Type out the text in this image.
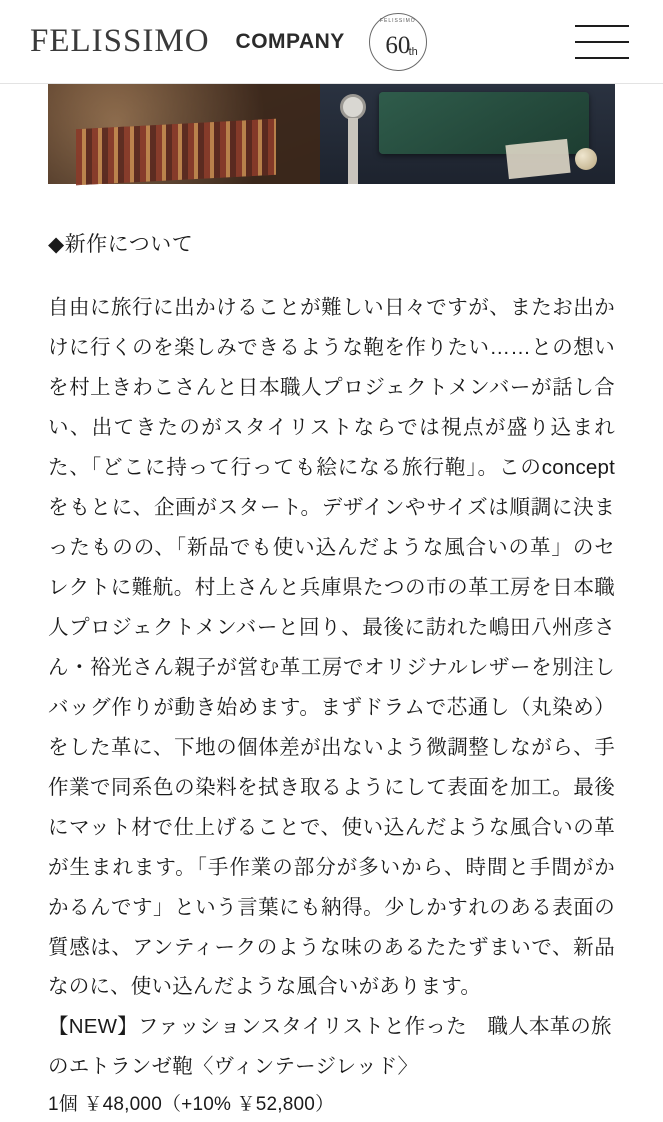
FELISSIMO COMPANY
FELISSIMO
60
th
◆新作について

自由に旅行に出かけることが難しい日々ですが、またお出かけに行くのを楽しみできるような鞄を作りたい……との想いを村上きわこさんと日本職人プロジェクトメンバーが話し合い、出てきたのがスタイリストならでは視点が盛り込まれた、「どこに持って行っても絵になる旅行鞄」。このconceptをもとに、企画がスタート。デザインやサイズは順調に決まったものの、「新品でも使い込んだような風合いの革」のセレクトに難航。村上さんと兵庫県たつの市の革工房を日本職人プロジェクトメンバーと回り、最後に訪れた嶋田八州彦さん・裕光さん親子が営む革工房でオリジナルレザーを別注しバッグ作りが動き始めます。まずドラムで芯通し（丸染め）をした革に、下地の個体差が出ないよう微調整しながら、手作業で同系色の染料を拭き取るようにして表面を加工。最後にマット材で仕上げることで、使い込んだような風合いの革が生まれます。「手作業の部分が多いから、時間と手間がかかるんです」という言葉にも納得。少しかすれのある表面の質感は、アンティークのような味のあるたたずまいで、新品なのに、使い込んだような風合いがあります。

【NEW】ファッションスタイリストと作った　職人本革の旅のエトランゼ鞄〈ヴィンテージレッド〉

1個 ￥48,000（+10% ￥52,800）
